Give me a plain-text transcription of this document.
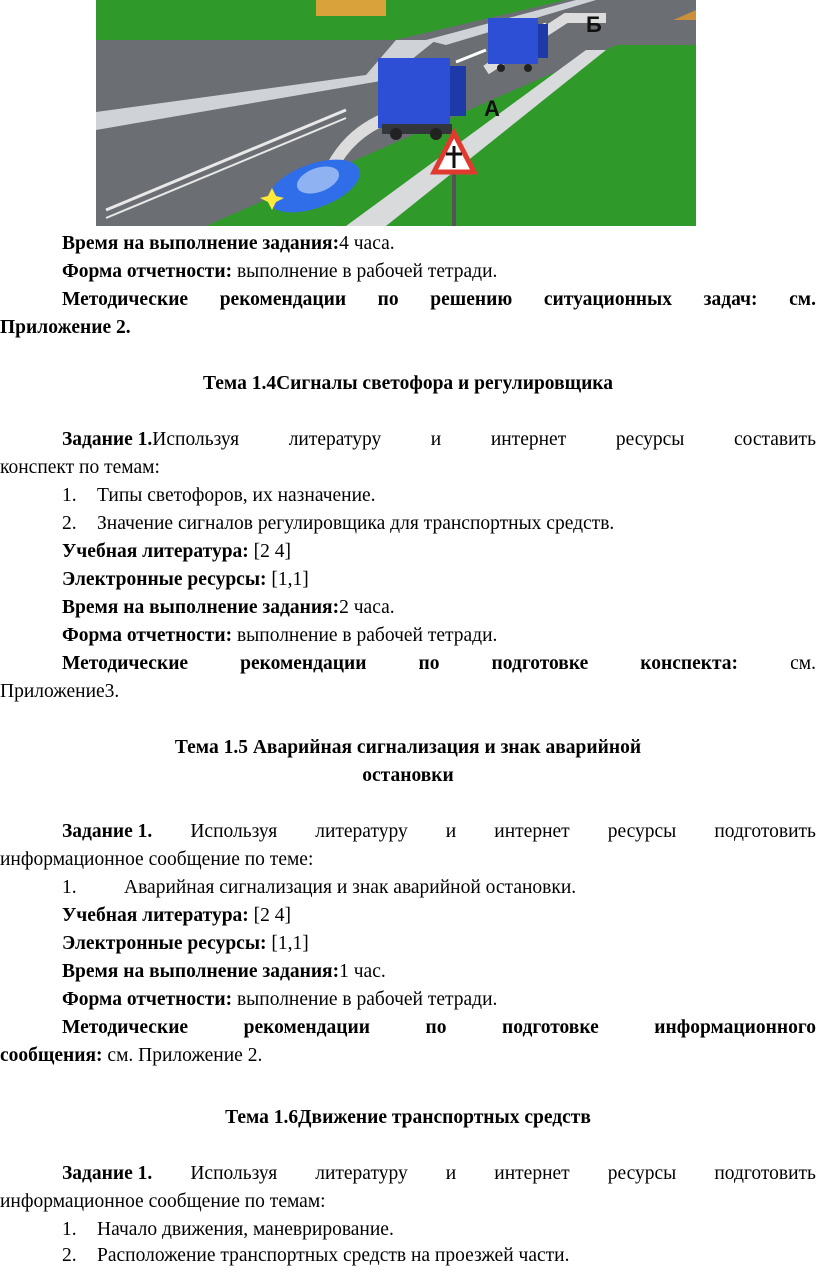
А
Б
Время на выполнение задания:4 часа.
Форма отчетности: выполнение в рабочей тетради.
Методические рекомендации по решению ситуационных задач: см.
Приложение 2.
Тема 1.4Сигналы светофора и регулировщика
Задание 1.Используя	литературу	и	интернет	ресурсы	составить
конспект по темам:
1. Типы светофоров, их назначение.
2. Значение сигналов регулировщика для транспортных средств.
Учебная литература: [2 4]
Электронные ресурсы: [1,1]
Время на выполнение задания:2 часа.
Форма отчетности: выполнение в рабочей тетради.
Методические	рекомендации	по	подготовке	конспекта:	см.
Приложение3.
Тема 1.5 Аварийная сигнализация и знак аварийной
остановки
Задание 1. Используя литературу и интернет ресурсы подготовить
информационное сообщение по теме:
1. Аварийная сигнализация и знак аварийной остановки.
Учебная литература: [2 4]
Электронные ресурсы: [1,1]
Время на выполнение задания:1 час.
Форма отчетности: выполнение в рабочей тетради.
Методические	рекомендации	по	подготовке	информационного
сообщения: см. Приложение 2.
Тема 1.6Движение транспортных средств
Задание 1. Используя литературу и интернет ресурсы подготовить
информационное сообщение по темам:
1. Начало движения, маневрирование.
2. Расположение транспортных средств на проезжей части.
